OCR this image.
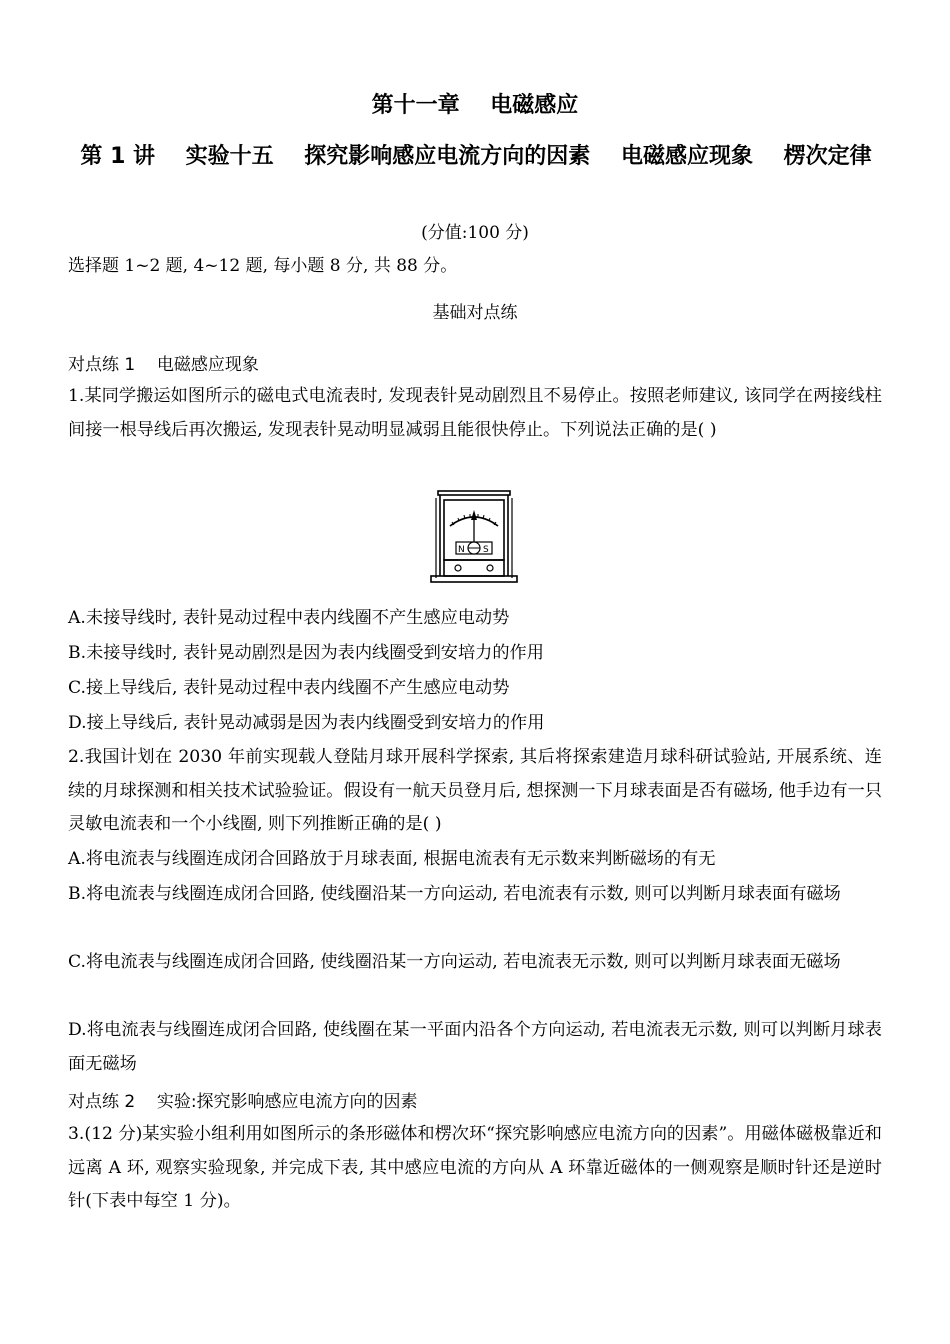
第十一章    电磁感应
第 1 讲    实验十五    探究影响感应电流方向的因素    电磁感应现象    楞次定律
(分值:100 分)
选择题 1~2 题, 4~12 题, 每小题 8 分, 共 88 分。
基础对点练
对点练 1    电磁感应现象
1.某同学搬运如图所示的磁电式电流表时, 发现表针晃动剧烈且不易停止。按照老师建议, 该同学在两接线柱间接一根导线后再次搬运, 发现表针晃动明显减弱且能很快停止。下列说法正确的是( )
N S
A.未接导线时, 表针晃动过程中表内线圈不产生感应电动势
B.未接导线时, 表针晃动剧烈是因为表内线圈受到安培力的作用
C.接上导线后, 表针晃动过程中表内线圈不产生感应电动势
D.接上导线后, 表针晃动减弱是因为表内线圈受到安培力的作用
2.我国计划在 2030 年前实现载人登陆月球开展科学探索, 其后将探索建造月球科研试验站, 开展系统、连续的月球探测和相关技术试验验证。假设有一航天员登月后, 想探测一下月球表面是否有磁场, 他手边有一只灵敏电流表和一个小线圈, 则下列推断正确的是( )
A.将电流表与线圈连成闭合回路放于月球表面, 根据电流表有无示数来判断磁场的有无
B.将电流表与线圈连成闭合回路, 使线圈沿某一方向运动, 若电流表有示数, 则可以判断月球表面有磁场
C.将电流表与线圈连成闭合回路, 使线圈沿某一方向运动, 若电流表无示数, 则可以判断月球表面无磁场
D.将电流表与线圈连成闭合回路, 使线圈在某一平面内沿各个方向运动, 若电流表无示数, 则可以判断月球表面无磁场
对点练 2    实验:探究影响感应电流方向的因素
3.(12 分)某实验小组利用如图所示的条形磁体和楞次环“探究影响感应电流方向的因素”。用磁体磁极靠近和远离 A 环, 观察实验现象, 并完成下表, 其中感应电流的方向从 A 环靠近磁体的一侧观察是顺时针还是逆时针(下表中每空 1 分)。
